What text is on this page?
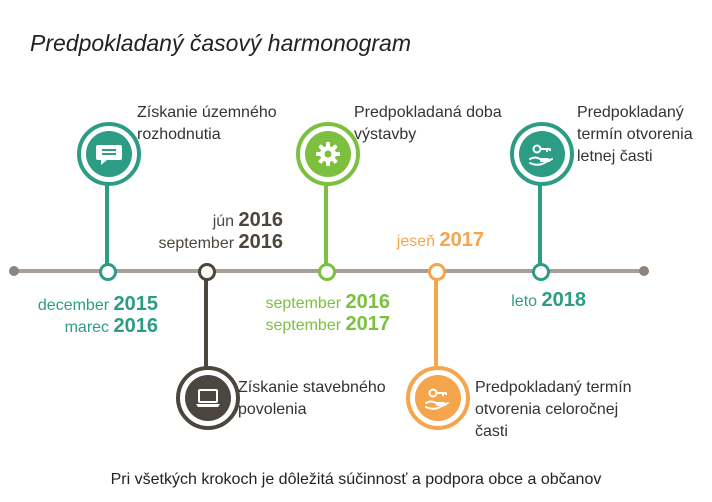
Predpokladaný časový harmonogram
Získanie územného
rozhodnutia
december 2015
marec 2016
Získanie stavebného
povolenia
jún 2016
september 2016
Predpokladaná doba
výstavby
september 2016
september 2017
Predpokladaný termín
otvorenia celoročnej
časti
jeseň 2017
Predpokladaný
termín otvorenia
letnej časti
leto 2018
Pri všetkých krokoch je dôležitá súčinnosť a podpora obce a občanov
